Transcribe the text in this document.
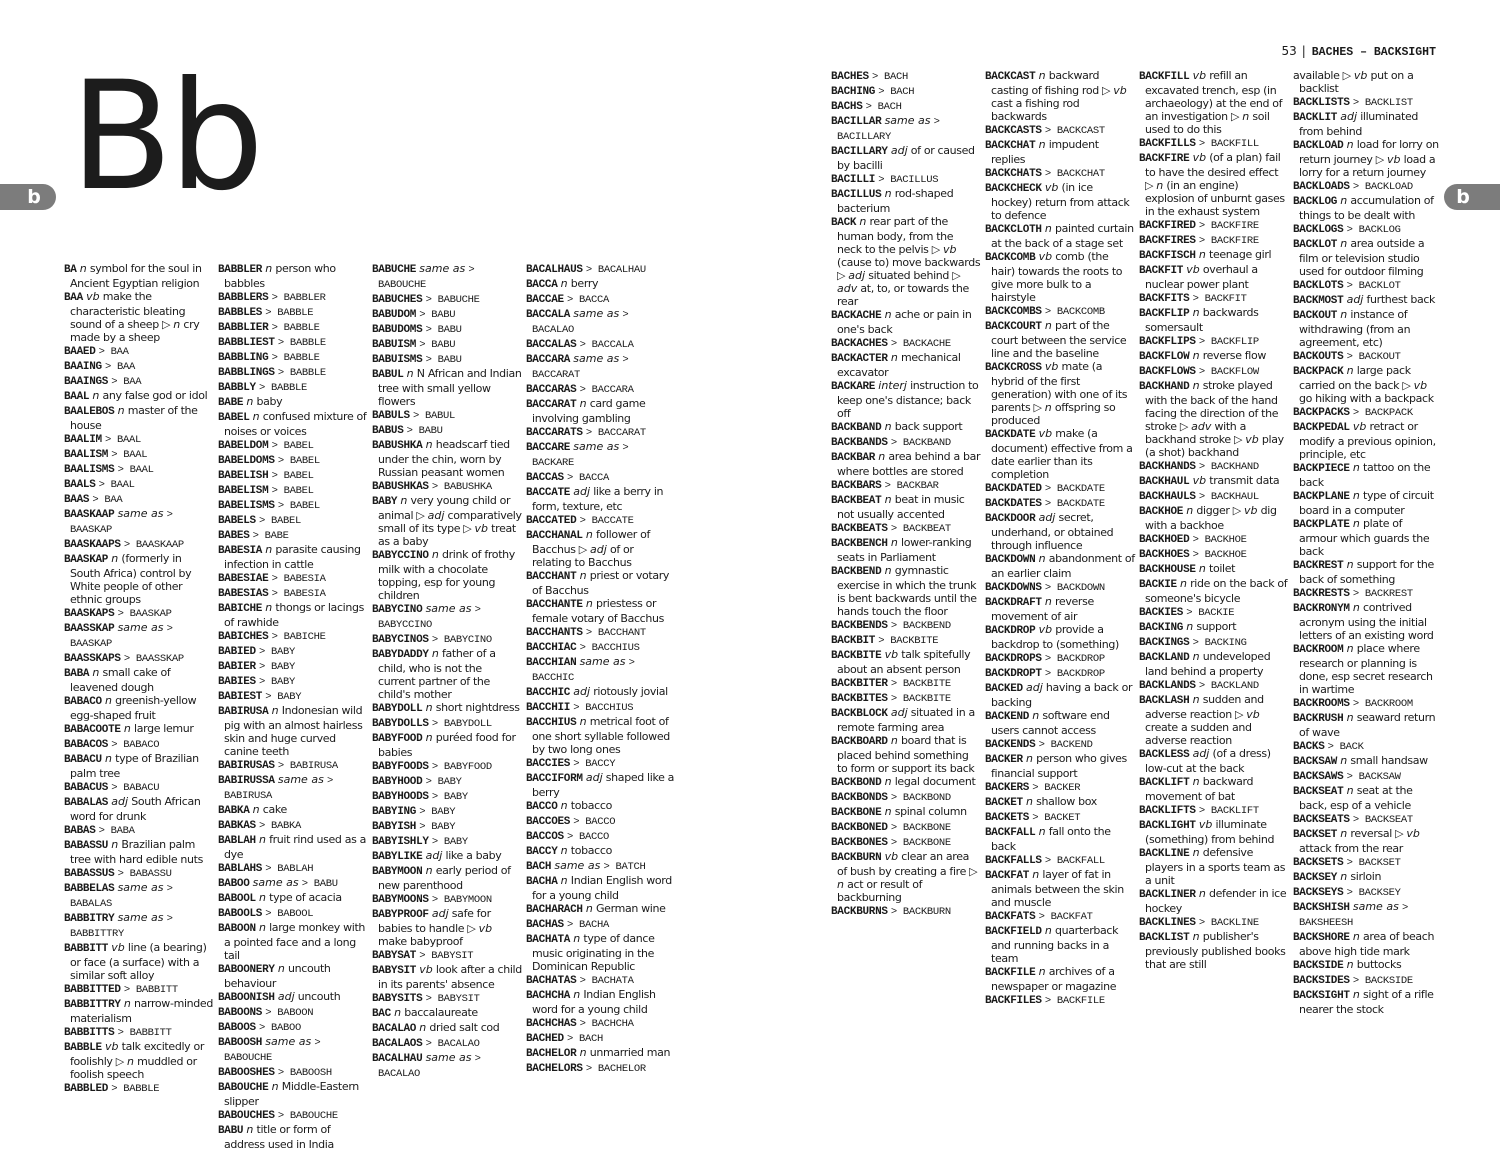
Bb
b	b
53 | BACHES – BACKSIGHT

BA n symbol for the soul in Ancient Egyptian religion

BAA vb make the characteristic bleating sound of a sheep ▷ n cry made by a sheep

BAAED > BAA

BAAING > BAA

BAAINGS > BAA

BAAL n any false god or idol

BAALEBOS n master of the house

BAALIM > BAAL

BAALISM > BAAL

BAALISMS > BAAL

BAALS > BAAL

BAAS > BAA

BAASKAAP same as > BAASKAP

BAASKAAPS > BAASKAAP

BAASKAP n (formerly in South Africa) control by White people of other ethnic groups

BAASKAPS > BAASKAP

BAASSKAP same as > BAASKAP

BAASSKAPS > BAASSKAP

BABA n small cake of leavened dough

BABACO n greenish-yellow egg-shaped fruit

BABACOOTE n large lemur

BABACOS > BABACO

BABACU n type of Brazilian palm tree

BABACUS > BABACU

BABALAS adj South African word for drunk

BABAS > BABA

BABASSU n Brazilian palm tree with hard edible nuts

BABASSUS > BABASSU

BABBELAS same as > BABALAS

BABBITRY same as > BABBITTRY

BABBITT vb line (a bearing) or face (a surface) with a similar soft alloy

BABBITTED > BABBITT

BABBITTRY n narrow-minded materialism

BABBITTS > BABBITT

BABBLE vb talk excitedly or foolishly ▷ n muddled or foolish speech

BABBLED > BABBLE

BABBLER n person who babbles

BABBLERS > BABBLER

BABBLES > BABBLE

BABBLIER > BABBLE

BABBLIEST > BABBLE

BABBLING > BABBLE

BABBLINGS > BABBLE

BABBLY > BABBLE

BABE n baby

BABEL n confused mixture of noises or voices

BABELDOM > BABEL

BABELDOMS > BABEL

BABELISH > BABEL

BABELISM > BABEL

BABELISMS > BABEL

BABELS > BABEL

BABES > BABE

BABESIA n parasite causing infection in cattle

BABESIAE > BABESIA

BABESIAS > BABESIA

BABICHE n thongs or lacings of rawhide

BABICHES > BABICHE

BABIED > BABY

BABIER > BABY

BABIES > BABY

BABIEST > BABY

BABIRUSA n Indonesian wild pig with an almost hairless skin and huge curved canine teeth

BABIRUSAS > BABIRUSA

BABIRUSSA same as > BABIRUSA

BABKA n cake

BABKAS > BABKA

BABLAH n fruit rind used as a dye

BABLAHS > BABLAH

BABOO same as > BABU

BABOOL n type of acacia

BABOOLS > BABOOL

BABOON n large monkey with a pointed face and a long tail

BABOONERY n uncouth behaviour

BABOONISH adj uncouth

BABOONS > BABOON

BABOOS > BABOO

BABOOSH same as > BABOUCHE

BABOOSHES > BABOOSH

BABOUCHE n Middle-Eastern slipper

BABOUCHES > BABOUCHE

BABU n title or form of address used in India

BABUCHE same as > BABOUCHE

BABUCHES > BABUCHE

BABUDOM > BABU

BABUDOMS > BABU

BABUISM > BABU

BABUISMS > BABU

BABUL n N African and Indian tree with small yellow flowers

BABULS > BABUL

BABUS > BABU

BABUSHKA n headscarf tied under the chin, worn by Russian peasant women

BABUSHKAS > BABUSHKA

BABY n very young child or animal ▷ adj comparatively small of its type ▷ vb treat as a baby

BABYCCINO n drink of frothy milk with a chocolate topping, esp for young children

BABYCINO same as > BABYCCINO

BABYCINOS > BABYCINO

BABYDADDY n father of a child, who is not the current partner of the child's mother

BABYDOLL n short nightdress

BABYDOLLS > BABYDOLL

BABYFOOD n puréed food for babies

BABYFOODS > BABYFOOD

BABYHOOD > BABY

BABYHOODS > BABY

BABYING > BABY

BABYISH > BABY

BABYISHLY > BABY

BABYLIKE adj like a baby

BABYMOON n early period of new parenthood

BABYMOONS > BABYMOON

BABYPROOF adj safe for babies to handle ▷ vb make babyproof

BABYSAT > BABYSIT

BABYSIT vb look after a child in its parents' absence

BABYSITS > BABYSIT

BAC n baccalaureate

BACALAO n dried salt cod

BACALAOS > BACALAO

BACALHAU same as > BACALAO

BACALHAUS > BACALHAU

BACCA n berry

BACCAE > BACCA

BACCALA same as > BACALAO

BACCALAS > BACCALA

BACCARA same as > BACCARAT

BACCARAS > BACCARA

BACCARAT n card game involving gambling

BACCARATS > BACCARAT

BACCARE same as > BACKARE

BACCAS > BACCA

BACCATE adj like a berry in form, texture, etc

BACCATED > BACCATE

BACCHANAL n follower of Bacchus ▷ adj of or relating to Bacchus

BACCHANT n priest or votary of Bacchus

BACCHANTE n priestess or female votary of Bacchus

BACCHANTS > BACCHANT

BACCHIAC > BACCHIUS

BACCHIAN same as > BACCHIC

BACCHIC adj riotously jovial

BACCHII > BACCHIUS

BACCHIUS n metrical foot of one short syllable followed by two long ones

BACCIES > BACCY

BACCIFORM adj shaped like a berry

BACCO n tobacco

BACCOES > BACCO

BACCOS > BACCO

BACCY n tobacco

BACH same as > BATCH

BACHA n Indian English word for a young child

BACHARACH n German wine

BACHAS > BACHA

BACHATA n type of dance music originating in the Dominican Republic

BACHATAS > BACHATA

BACHCHA n Indian English word for a young child

BACHCHAS > BACHCHA

BACHED > BACH

BACHELOR n unmarried man

BACHELORS > BACHELOR

BACHES > BACH

BACHING > BACH

BACHS > BACH

BACILLAR same as > BACILLARY

BACILLARY adj of or caused by bacilli

BACILLI > BACILLUS

BACILLUS n rod-shaped bacterium

BACK n rear part of the human body, from the neck to the pelvis ▷ vb (cause to) move backwards ▷ adj situated behind ▷ adv at, to, or towards the rear

BACKACHE n ache or pain in one's back

BACKACHES > BACKACHE

BACKACTER n mechanical excavator

BACKARE interj instruction to keep one's distance; back off

BACKBAND n back support

BACKBANDS > BACKBAND

BACKBAR n area behind a bar where bottles are stored

BACKBARS > BACKBAR

BACKBEAT n beat in music not usually accented

BACKBEATS > BACKBEAT

BACKBENCH n lower-ranking seats in Parliament

BACKBEND n gymnastic exercise in which the trunk is bent backwards until the hands touch the floor

BACKBENDS > BACKBEND

BACKBIT > BACKBITE

BACKBITE vb talk spitefully about an absent person

BACKBITER > BACKBITE

BACKBITES > BACKBITE

BACKBLOCK adj situated in a remote farming area

BACKBOARD n board that is placed behind something to form or support its back

BACKBOND n legal document

BACKBONDS > BACKBOND

BACKBONE n spinal column

BACKBONED > BACKBONE

BACKBONES > BACKBONE

BACKBURN vb clear an area of bush by creating a fire ▷ n act or result of backburning

BACKBURNS > BACKBURN

BACKCAST n backward casting of fishing rod ▷ vb cast a fishing rod backwards

BACKCASTS > BACKCAST

BACKCHAT n impudent replies

BACKCHATS > BACKCHAT

BACKCHECK vb (in ice hockey) return from attack to defence

BACKCLOTH n painted curtain at the back of a stage set

BACKCOMB vb comb (the hair) towards the roots to give more bulk to a hairstyle

BACKCOMBS > BACKCOMB

BACKCOURT n part of the court between the service line and the baseline

BACKCROSS vb mate (a hybrid of the first generation) with one of its parents ▷ n offspring so produced

BACKDATE vb make (a document) effective from a date earlier than its completion

BACKDATED > BACKDATE

BACKDATES > BACKDATE

BACKDOOR adj secret, underhand, or obtained through influence

BACKDOWN n abandonment of an earlier claim

BACKDOWNS > BACKDOWN

BACKDRAFT n reverse movement of air

BACKDROP vb provide a backdrop to (something)

BACKDROPS > BACKDROP

BACKDROPT > BACKDROP

BACKED adj having a back or backing

BACKEND n software end users cannot access

BACKENDS > BACKEND

BACKER n person who gives financial support

BACKERS > BACKER

BACKET n shallow box

BACKETS > BACKET

BACKFALL n fall onto the back

BACKFALLS > BACKFALL

BACKFAT n layer of fat in animals between the skin and muscle

BACKFATS > BACKFAT

BACKFIELD n quarterback and running backs in a team

BACKFILE n archives of a newspaper or magazine

BACKFILES > BACKFILE

BACKFILL vb refill an excavated trench, esp (in archaeology) at the end of an investigation ▷ n soil used to do this

BACKFILLS > BACKFILL

BACKFIRE vb (of a plan) fail to have the desired effect ▷ n (in an engine) explosion of unburnt gases in the exhaust system

BACKFIRED > BACKFIRE

BACKFIRES > BACKFIRE

BACKFISCH n teenage girl

BACKFIT vb overhaul a nuclear power plant

BACKFITS > BACKFIT

BACKFLIP n backwards somersault

BACKFLIPS > BACKFLIP

BACKFLOW n reverse flow

BACKFLOWS > BACKFLOW

BACKHAND n stroke played with the back of the hand facing the direction of the stroke ▷ adv with a backhand stroke ▷ vb play (a shot) backhand

BACKHANDS > BACKHAND

BACKHAUL vb transmit data

BACKHAULS > BACKHAUL

BACKHOE n digger ▷ vb dig with a backhoe

BACKHOED > BACKHOE

BACKHOES > BACKHOE

BACKHOUSE n toilet

BACKIE n ride on the back of someone's bicycle

BACKIES > BACKIE

BACKING n support

BACKINGS > BACKING

BACKLAND n undeveloped land behind a property

BACKLANDS > BACKLAND

BACKLASH n sudden and adverse reaction ▷ vb create a sudden and adverse reaction

BACKLESS adj (of a dress) low-cut at the back

BACKLIFT n backward movement of bat

BACKLIFTS > BACKLIFT

BACKLIGHT vb illuminate (something) from behind

BACKLINE n defensive players in a sports team as a unit

BACKLINER n defender in ice hockey

BACKLINES > BACKLINE

BACKLIST n publisher's previously published books that are still

available ▷ vb put on a backlist

BACKLISTS > BACKLIST

BACKLIT adj illuminated from behind

BACKLOAD n load for lorry on return journey ▷ vb load a lorry for a return journey

BACKLOADS > BACKLOAD

BACKLOG n accumulation of things to be dealt with

BACKLOGS > BACKLOG

BACKLOT n area outside a film or television studio used for outdoor filming

BACKLOTS > BACKLOT

BACKMOST adj furthest back

BACKOUT n instance of withdrawing (from an agreement, etc)

BACKOUTS > BACKOUT

BACKPACK n large pack carried on the back ▷ vb go hiking with a backpack

BACKPACKS > BACKPACK

BACKPEDAL vb retract or modify a previous opinion, principle, etc

BACKPIECE n tattoo on the back

BACKPLANE n type of circuit board in a computer

BACKPLATE n plate of armour which guards the back

BACKREST n support for the back of something

BACKRESTS > BACKREST

BACKRONYM n contrived acronym using the initial letters of an existing word

BACKROOM n place where research or planning is done, esp secret research in wartime

BACKROOMS > BACKROOM

BACKRUSH n seaward return of wave

BACKS > BACK

BACKSAW n small handsaw

BACKSAWS > BACKSAW

BACKSEAT n seat at the back, esp of a vehicle

BACKSEATS > BACKSEAT

BACKSET n reversal ▷ vb attack from the rear

BACKSETS > BACKSET

BACKSEY n sirloin

BACKSEYS > BACKSEY

BACKSHISH same as > BAKSHEESH

BACKSHORE n area of beach above high tide mark

BACKSIDE n buttocks

BACKSIDES > BACKSIDE

BACKSIGHT n sight of a rifle nearer the stock
